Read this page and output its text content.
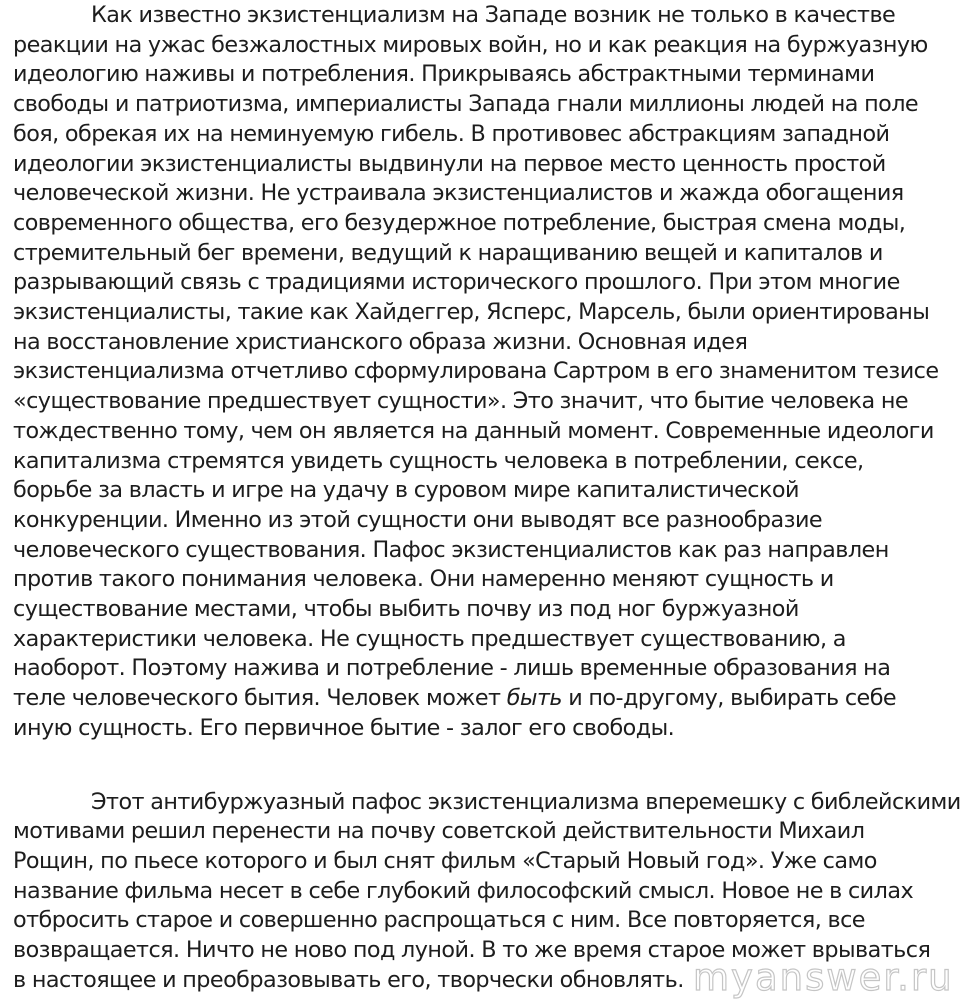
Как известно экзистенциализм на Западе возник не только в качестве
реакции на ужас безжалостных мировых войн, но и как реакция на буржуазную
идеологию наживы и потребления. Прикрываясь абстрактными терминами
свободы и патриотизма, империалисты Запада гнали миллионы людей на поле
боя, обрекая их на неминуемую гибель. В противовес абстракциям западной
идеологии экзистенциалисты выдвинули на первое место ценность простой
человеческой жизни. Не устраивала экзистенциалистов и жажда обогащения
современного общества, его безудержное потребление, быстрая смена моды,
стремительный бег времени, ведущий к наращиванию вещей и капиталов и
разрывающий связь с традициями исторического прошлого. При этом многие
экзистенциалисты, такие как Хайдеггер, Ясперс, Марсель, были ориентированы
на восстановление христианского образа жизни. Основная идея
экзистенциализма отчетливо сформулирована Сартром в его знаменитом тезисе
«существование предшествует сущности». Это значит, что бытие человека не
тождественно тому, чем он является на данный момент. Современные идеологи
капитализма стремятся увидеть сущность человека в потреблении, сексе,
борьбе за власть и игре на удачу в суровом мире капиталистической
конкуренции. Именно из этой сущности они выводят все разнообразие
человеческого существования. Пафос экзистенциалистов как раз направлен
против такого понимания человека. Они намеренно меняют сущность и
существование местами, чтобы выбить почву из под ног буржуазной
характеристики человека. Не сущность предшествует существованию, а
наоборот. Поэтому нажива и потребление - лишь временные образования на
теле человеческого бытия. Человек может быть и по-другому, выбирать себе
иную сущность. Его первичное бытие - залог его свободы.

Этот антибуржуазный пафос экзистенциализма вперемешку с библейскими
мотивами решил перенести на почву советской действительности Михаил
Рощин, по пьесе которого и был снят фильм «Старый Новый год». Уже само
название фильма несет в себе глубокий философский смысл. Новое не в силах
отбросить старое и совершенно распрощаться с ним. Все повторяется, все
возвращается. Ничто не ново под луной. В то же время старое может врываться
в настоящее и преобразовывать его, творчески обновлять. myanswer.ru
